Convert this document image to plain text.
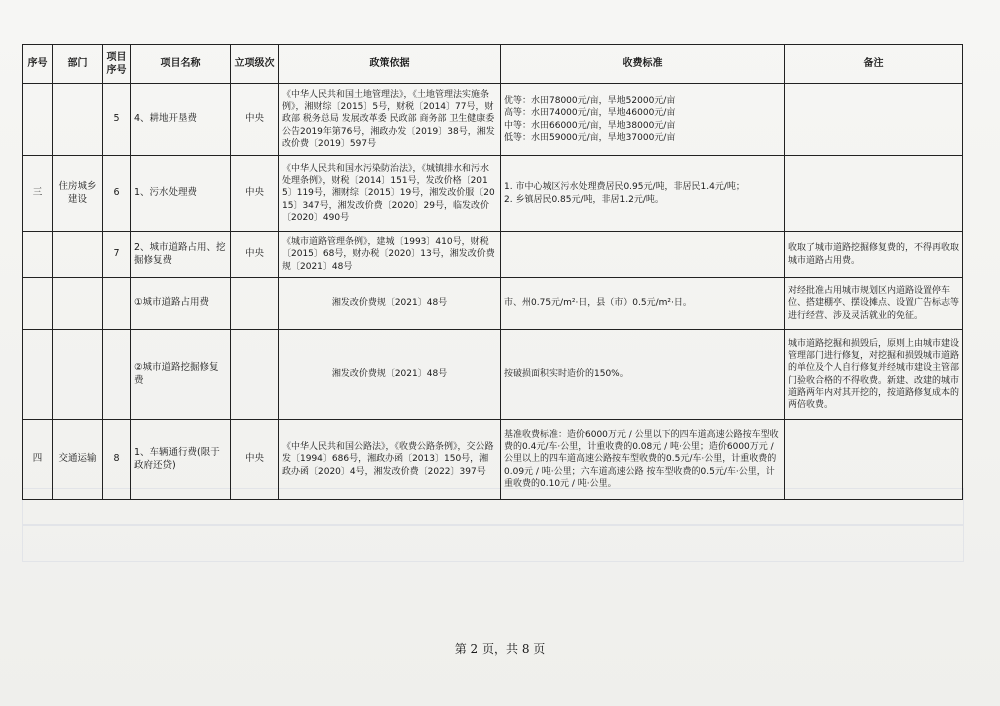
序号	部门	项目序号	项目名称	立项级次	政策依据	收费标准	备注
		5	4、耕地开垦费	中央	《中华人民共和国土地管理法》，《土地管理法实施条例》，湘财综〔2015〕5号，财税〔2014〕77号，财政部 税务总局 发展改革委 民政部 商务部 卫生健康委公告2019年第76号，湘政办发〔2019〕38号，湘发改价费〔2019〕597号	优等：水田78000元/亩，旱地52000元/亩
高等：水田74000元/亩，旱地46000元/亩
中等：水田66000元/亩，旱地38000元/亩
低等：水田59000元/亩，旱地37000元/亩	

三	住房城乡建设	6	1、污水处理费	中央	《中华人民共和国水污染防治法》，《城镇排水和污水处理条例》，财税〔2014〕151号，发改价格〔2015〕119号，湘财综〔2015〕19号，湘发改价服〔2015〕347号，湘发改价费〔2020〕29号，临发改价〔2020〕490号	1. 市中心城区污水处理费居民0.95元/吨，非居民1.4元/吨；
2. 乡镇居民0.85元/吨，非居1.2元/吨。	

		7	2、城市道路占用、挖掘修复费	中央	《城市道路管理条例》，建城〔1993〕410号，财税〔2015〕68号，财办税〔2020〕13号，湘发改价费规〔2021〕48号		收取了城市道路挖掘修复费的，不得再收取城市道路占用费。
			①城市道路占用费		湘发改价费规〔2021〕48号	市、州0.75元/m²·日，县（市）0.5元/m²·日。	对经批准占用城市规划区内道路设置停车位、搭建棚亭、摆设摊点、设置广告标志等进行经营、涉及灵活就业的免征。
			②城市道路挖掘修复费		湘发改价费规〔2021〕48号	按破损面积实时造价的150%。	城市道路挖掘和损毁后，原则上由城市建设管理部门进行修复，对挖掘和损毁城市道路的单位及个人自行修复并经城市建设主管部门验收合格的不得收费。新建、改建的城市道路两年内对其开挖的，按道路修复成本的两倍收费。
四	交通运输	8	1、车辆通行费(限于政府还贷)	中央	《中华人民共和国公路法》，《收费公路条例》，交公路发〔1994〕686号，湘政办函〔2013〕150号，湘政办函〔2020〕4号，湘发改价费〔2022〕397号	基准收费标准：造价6000万元 / 公里以下的四车道高速公路按车型收费的0.4元/车·公里，计重收费的0.08元 / 吨·公里；造价6000万元 / 公里以上的四车道高速公路按车型收费的0.5元/车·公里，计重收费的0.09元 / 吨·公里；六车道高速公路 按车型收费的0.5元/车·公里，计重收费的0.10元 / 吨·公里。	

第 2 页，共 8 页
